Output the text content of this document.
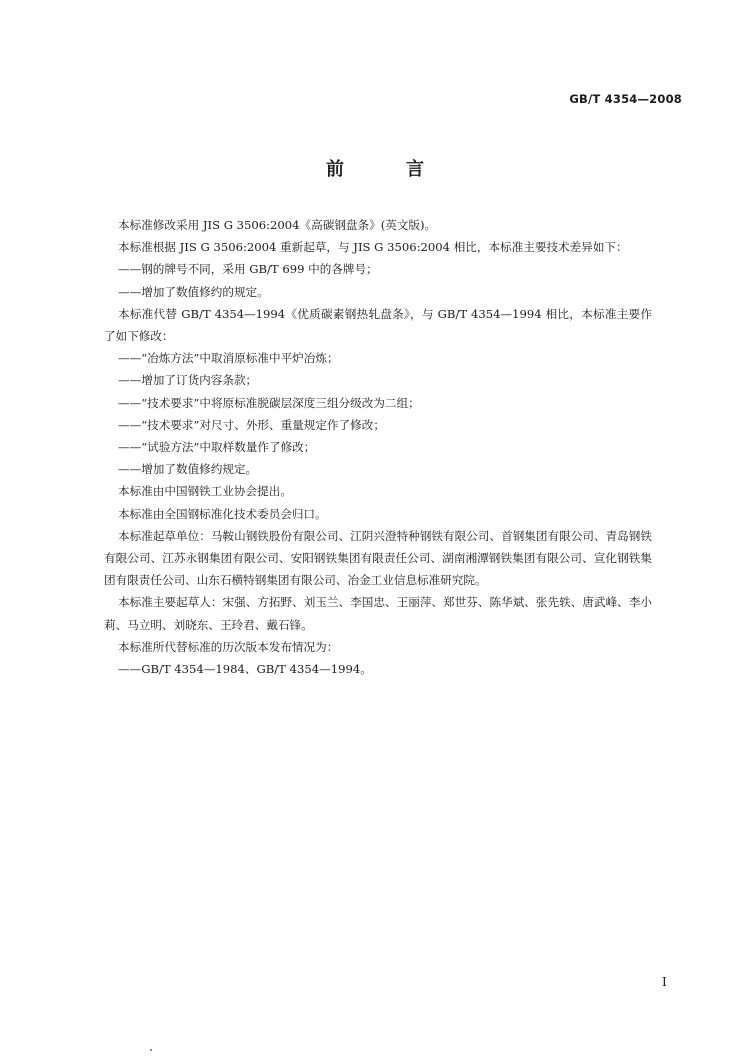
GB/T 4354—2008
前　言

本标准修改采用 JIS G 3506:2004《高碳钢盘条》(英文版)。

本标准根据 JIS G 3506:2004 重新起草，与 JIS G 3506:2004 相比，本标准主要技术差异如下：

——钢的牌号不同，采用 GB/T 699 中的各牌号；

——增加了数值修约的规定。

本标准代替 GB/T 4354—1994《优质碳素钢热轧盘条》，与 GB/T 4354—1994 相比，本标准主要作了如下修改：

——“冶炼方法”中取消原标准中平炉冶炼；

——增加了订货内容条款；

——“技术要求”中将原标准脱碳层深度三组分级改为二组；

——“技术要求”对尺寸、外形、重量规定作了修改；

——“试验方法”中取样数量作了修改；

——增加了数值修约规定。

本标准由中国钢铁工业协会提出。

本标准由全国钢标准化技术委员会归口。

本标准起草单位：马鞍山钢铁股份有限公司、江阴兴澄特种钢铁有限公司、首钢集团有限公司、青岛钢铁有限公司、江苏永钢集团有限公司、安阳钢铁集团有限责任公司、湖南湘潭钢铁集团有限公司、宣化钢铁集团有限责任公司、山东石横特钢集团有限公司、冶金工业信息标准研究院。

本标准主要起草人：宋强、方拓野、刘玉兰、李国忠、王丽萍、郑世芬、陈华斌、张先轶、唐武峰、李小莉、马立明、刘晓东、王玲君、戴石锋。

本标准所代替标准的历次版本发布情况为：

——GB/T 4354—1984、GB/T 4354—1994。

I
